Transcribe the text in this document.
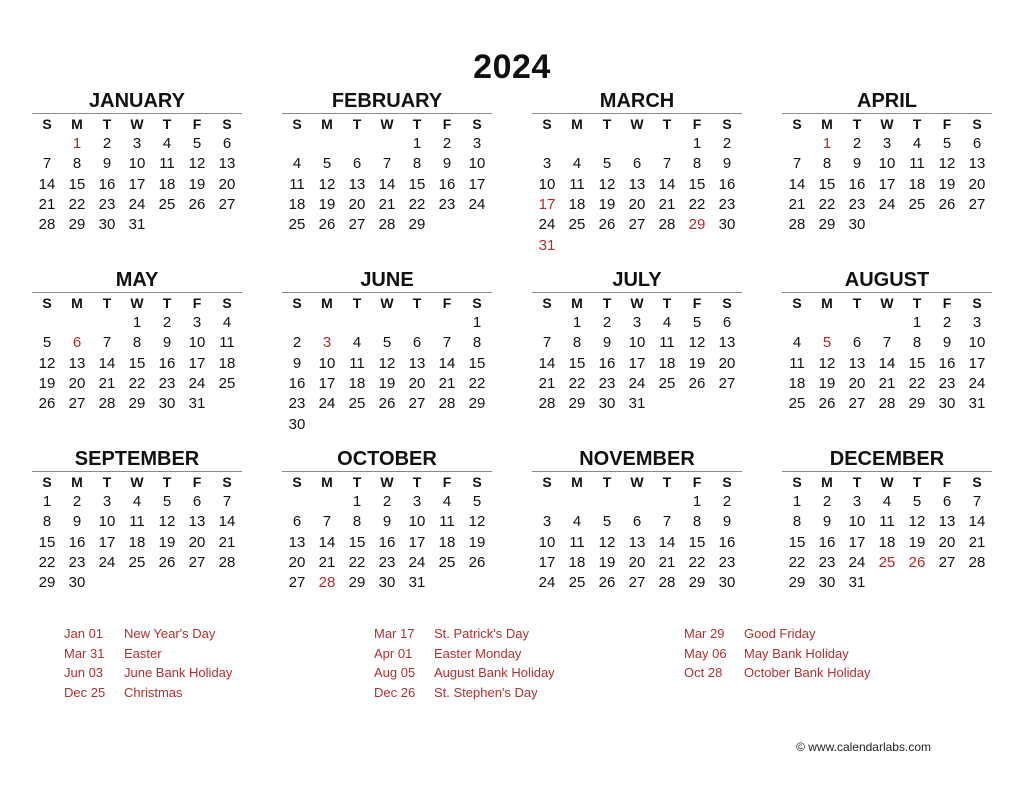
2024
JANUARY
S	M	T	W	T	F	S
	1	2	3	4	5	6
7	8	9	10	11	12	13
14	15	16	17	18	19	20
21	22	23	24	25	26	27
28	29	30	31			
FEBRUARY
S	M	T	W	T	F	S
				1	2	3
4	5	6	7	8	9	10
11	12	13	14	15	16	17
18	19	20	21	22	23	24
25	26	27	28	29		
MARCH
S	M	T	W	T	F	S
					1	2
3	4	5	6	7	8	9
10	11	12	13	14	15	16
17	18	19	20	21	22	23
24	25	26	27	28	29	30
31						
APRIL
S	M	T	W	T	F	S
	1	2	3	4	5	6
7	8	9	10	11	12	13
14	15	16	17	18	19	20
21	22	23	24	25	26	27
28	29	30				
MAY
S	M	T	W	T	F	S
			1	2	3	4
5	6	7	8	9	10	11
12	13	14	15	16	17	18
19	20	21	22	23	24	25
26	27	28	29	30	31	
JUNE
S	M	T	W	T	F	S
						1
2	3	4	5	6	7	8
9	10	11	12	13	14	15
16	17	18	19	20	21	22
23	24	25	26	27	28	29
30						
JULY
S	M	T	W	T	F	S
	1	2	3	4	5	6
7	8	9	10	11	12	13
14	15	16	17	18	19	20
21	22	23	24	25	26	27
28	29	30	31			
AUGUST
S	M	T	W	T	F	S
				1	2	3
4	5	6	7	8	9	10
11	12	13	14	15	16	17
18	19	20	21	22	23	24
25	26	27	28	29	30	31
SEPTEMBER
S	M	T	W	T	F	S
1	2	3	4	5	6	7
8	9	10	11	12	13	14
15	16	17	18	19	20	21
22	23	24	25	26	27	28
29	30					
OCTOBER
S	M	T	W	T	F	S
		1	2	3	4	5
6	7	8	9	10	11	12
13	14	15	16	17	18	19
20	21	22	23	24	25	26
27	28	29	30	31		
NOVEMBER
S	M	T	W	T	F	S
					1	2
3	4	5	6	7	8	9
10	11	12	13	14	15	16
17	18	19	20	21	22	23
24	25	26	27	28	29	30
DECEMBER
S	M	T	W	T	F	S
1	2	3	4	5	6	7
8	9	10	11	12	13	14
15	16	17	18	19	20	21
22	23	24	25	26	27	28
29	30	31				
Jan 01 New Year's Day
Mar 31 Easter
Jun 03 June Bank Holiday
Dec 25 Christmas
Mar 17 St. Patrick's Day
Apr 01 Easter Monday
Aug 05 August Bank Holiday
Dec 26 St. Stephen's Day
Mar 29 Good Friday
May 06 May Bank Holiday
Oct 28 October Bank Holiday
© www.calendarlabs.com
